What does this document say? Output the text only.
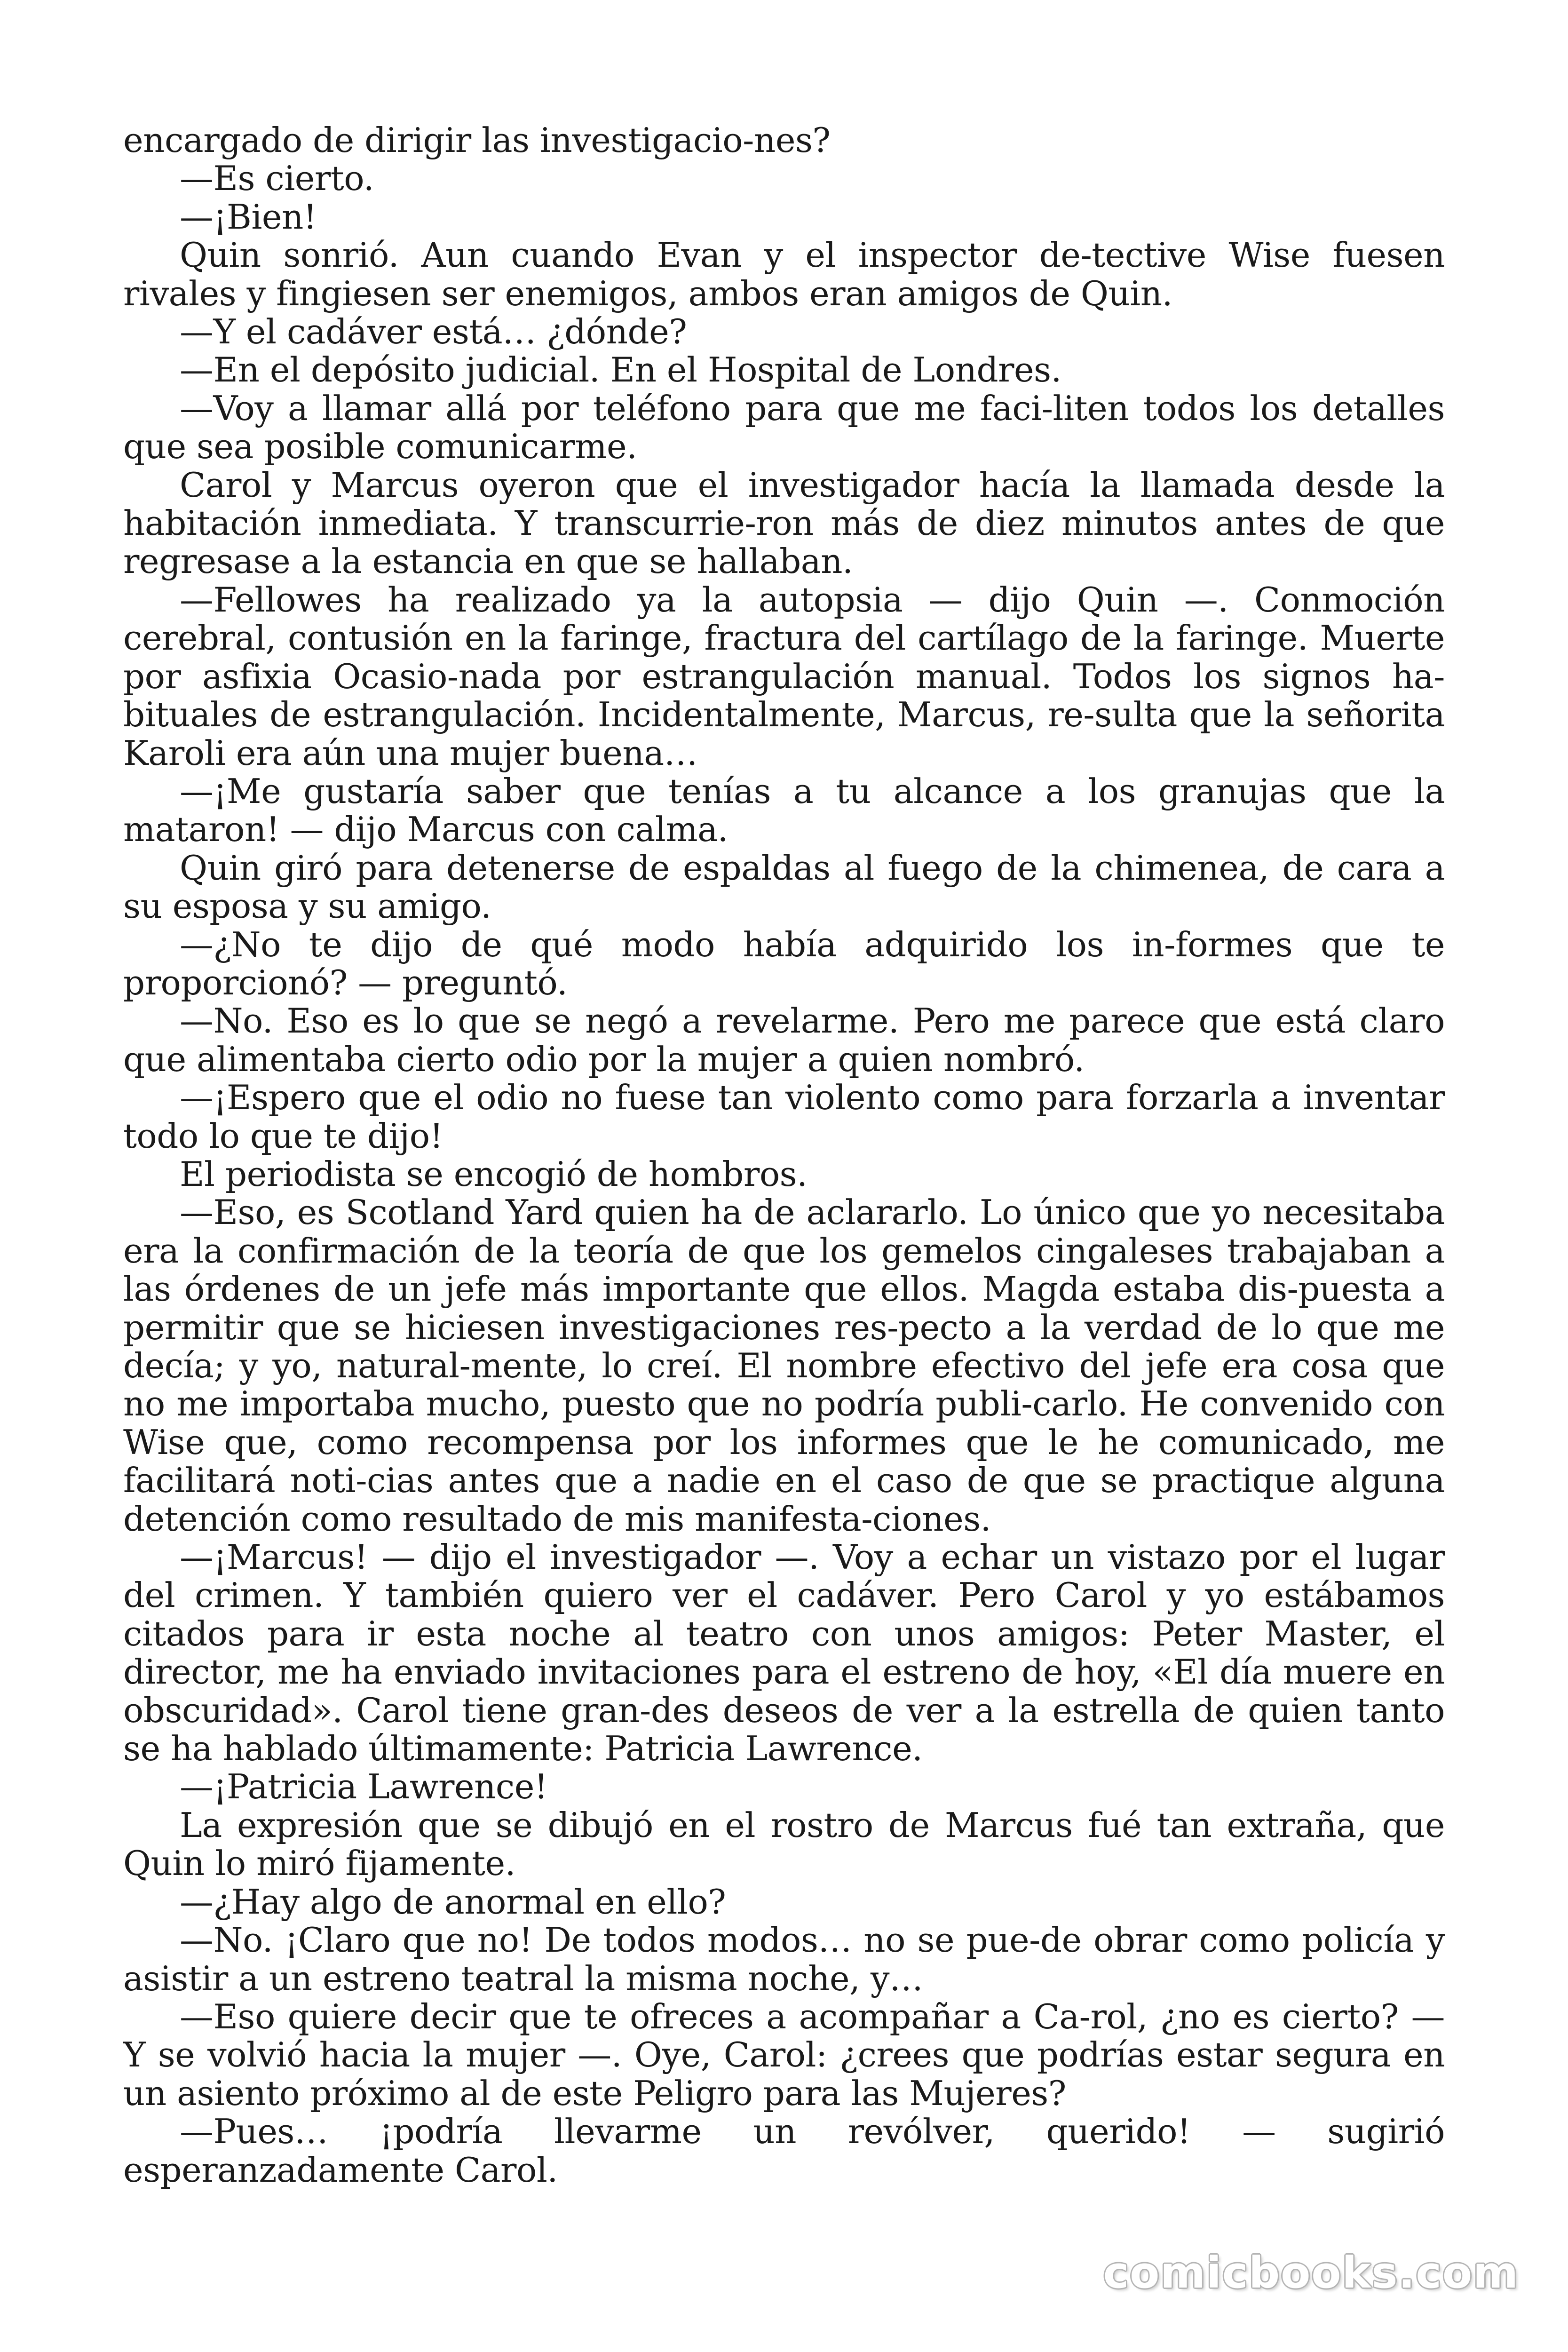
encargado de dirigir las investigacio-nes?

—Es cierto.

—¡Bien!

Quin sonrió. Aun cuando Evan y el inspector de-tective Wise fuesen rivales y fingiesen ser enemigos, ambos eran amigos de Quin.

—Y el cadáver está… ¿dónde?

—En el depósito judicial. En el Hospital de Londres.

—Voy a llamar allá por teléfono para que me faci-liten todos los detalles que sea posible comunicarme.

Carol y Marcus oyeron que el investigador hacía la llamada desde la habitación inmediata. Y transcurrie-ron más de diez minutos antes de que regresase a la estancia en que se hallaban.

—Fellowes ha realizado ya la autopsia — dijo Quin —. Conmoción cerebral, contusión en la faringe, fractura del cartílago de la faringe. Muerte por asfixia Ocasio-nada por estrangulación manual. Todos los signos ha-bituales de estrangulación. Incidentalmente, Marcus, re-sulta que la señorita Karoli era aún una mujer buena…

—¡Me gustaría saber que tenías a tu alcance a los granujas que la mataron! — dijo Marcus con calma.

Quin giró para detenerse de espaldas al fuego de la chimenea, de cara a su esposa y su amigo.

—¿No te dijo de qué modo había adquirido los in-formes que te proporcionó? — preguntó.

—No. Eso es lo que se negó a revelarme. Pero me parece que está claro que alimentaba cierto odio por la mujer a quien nombró.

—¡Espero que el odio no fuese tan violento como para forzarla a inventar todo lo que te dijo!

El periodista se encogió de hombros.

—Eso, es Scotland Yard quien ha de aclararlo. Lo único que yo necesitaba era la confirmación de la teoría de que los gemelos cingaleses trabajaban a las órdenes de un jefe más importante que ellos. Magda estaba dis-puesta a permitir que se hiciesen investigaciones res-pecto a la verdad de lo que me decía; y yo, natural-mente, lo creí. El nombre efectivo del jefe era cosa que no me importaba mucho, puesto que no podría publi-carlo. He convenido con Wise que, como recompensa por los informes que le he comunicado, me facilitará noti-cias antes que a nadie en el caso de que se practique alguna detención como resultado de mis manifesta-ciones.

—¡Marcus! — dijo el investigador —. Voy a echar un vistazo por el lugar del crimen. Y también quiero ver el cadáver. Pero Carol y yo estábamos citados para ir esta noche al teatro con unos amigos: Peter Master, el director, me ha enviado invitaciones para el estreno de hoy, «El día muere en obscuridad». Carol tiene gran-des deseos de ver a la estrella de quien tanto se ha hablado últimamente: Patricia Lawrence.

—¡Patricia Lawrence!

La expresión que se dibujó en el rostro de Marcus fué tan extraña, que Quin lo miró fijamente.

—¿Hay algo de anormal en ello?

—No. ¡Claro que no! De todos modos… no se pue-de obrar como policía y asistir a un estreno teatral la misma noche, y…

—Eso quiere decir que te ofreces a acompañar a Ca-rol, ¿no es cierto? — Y se volvió hacia la mujer —. Oye, Carol: ¿crees que podrías estar segura en un asiento próximo al de este Peligro para las Mujeres?

—Pues… ¡podría llevarme un revólver, querido! — sugirió esperanzadamente Carol.

comicbooks.com
